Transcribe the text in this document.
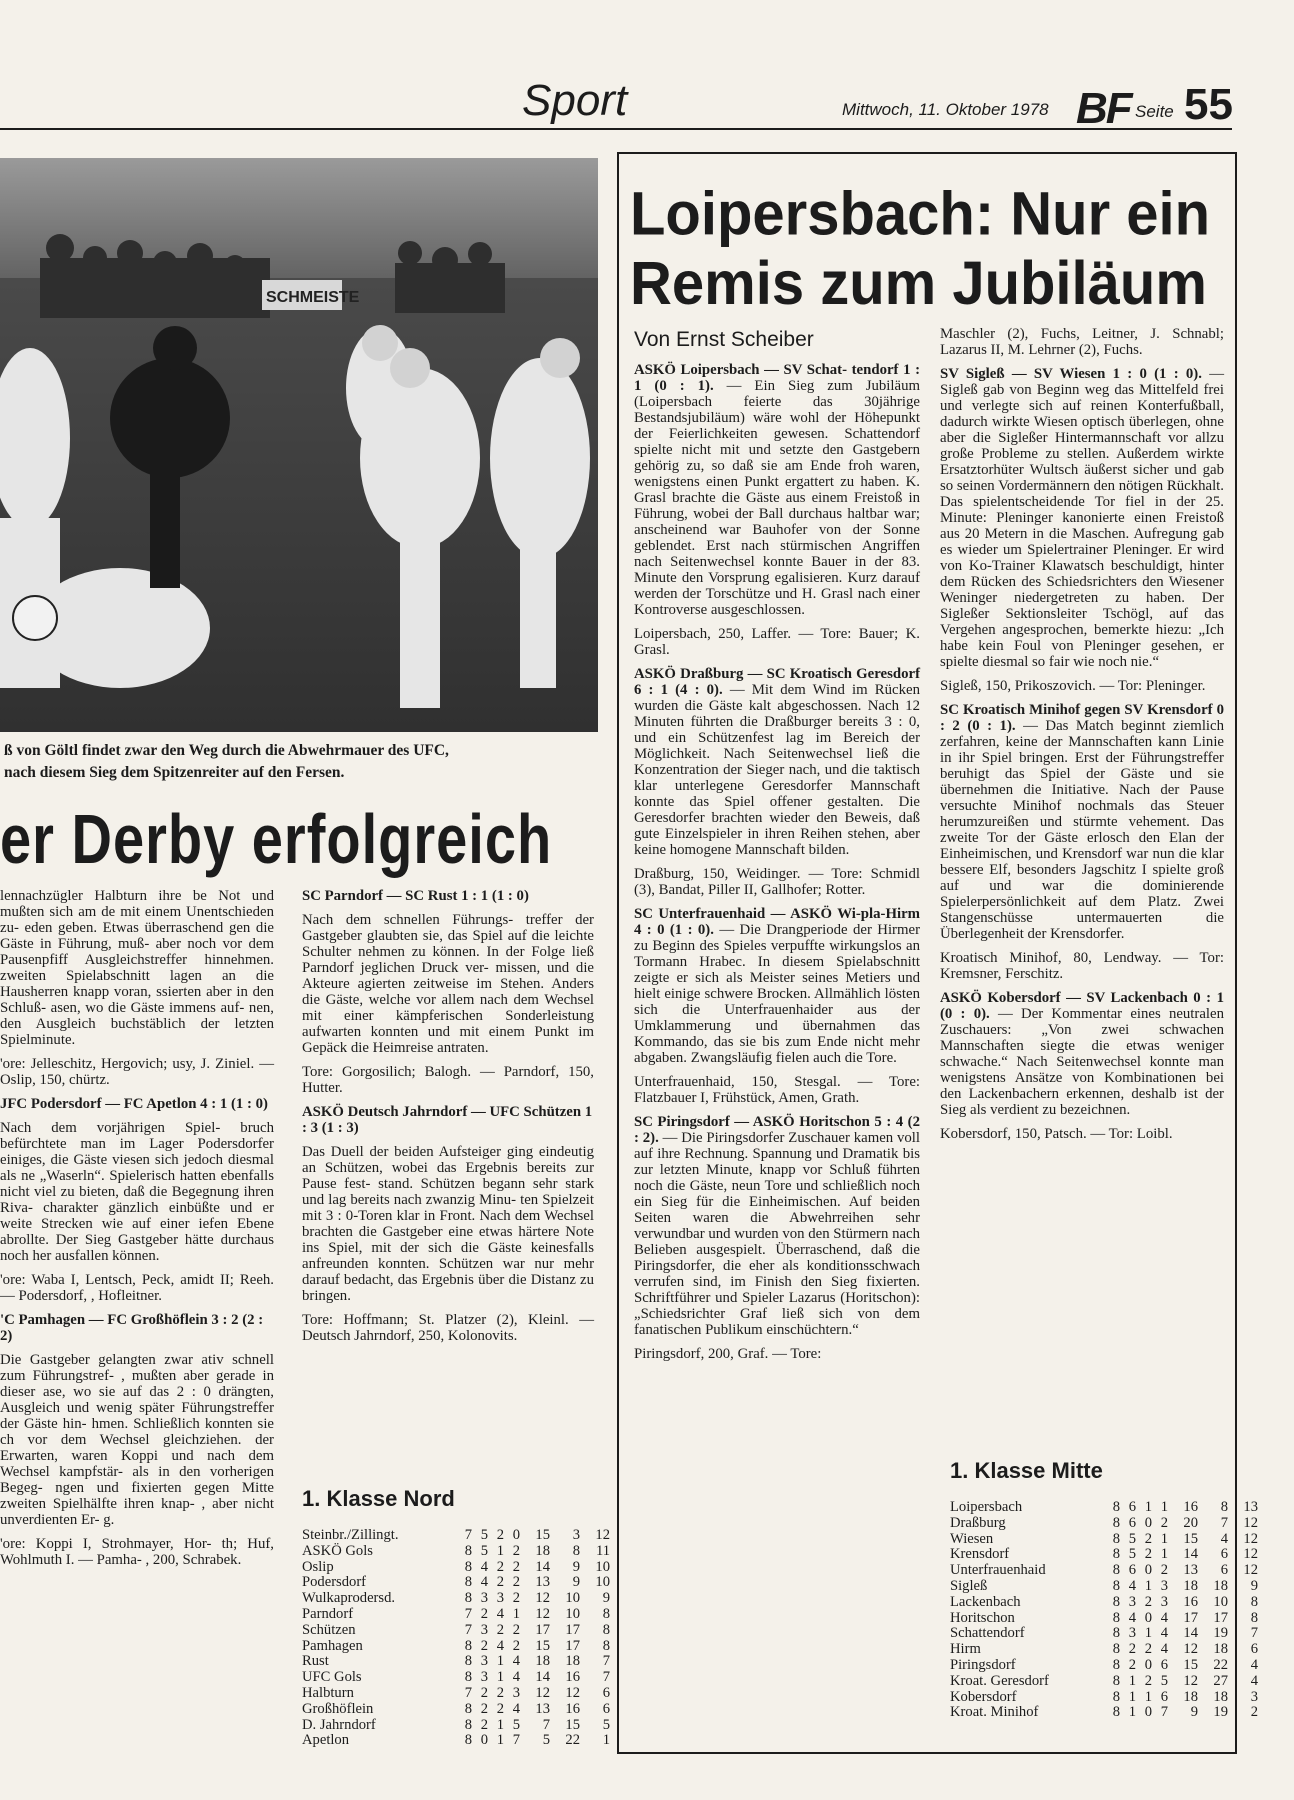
Sport	Mittwoch, 11. Oktober 1978 BF Seite 55
SCHMEISTE
ß von Göltl findet zwar den Weg durch die Abwehrmauer des UFC,
nach diesem Sieg dem Spitzenreiter auf den Fersen.
er Derby erfolgreich

lennachzügler Halbturn ihre be Not und mußten sich am de mit einem Unentschieden zu- eden geben. Etwas überraschend gen die Gäste in Führung, muß- aber noch vor dem Pausenpfiff Ausgleichstreffer hinnehmen. zweiten Spielabschnitt lagen an die Hausherren knapp voran, ssierten aber in den Schluß- asen, wo die Gäste immens auf- nen, den Ausgleich buchstäblich der letzten Spielminute.

'ore: Jelleschitz, Hergovich; usy, J. Ziniel. — Oslip, 150, chürtz.

JFC Podersdorf — FC Apetlon 4 : 1 (1 : 0)

Nach dem vorjährigen Spiel- bruch befürchtete man im Lager Podersdorfer einiges, die Gäste viesen sich jedoch diesmal als ne „Waserln“. Spielerisch hatten ebenfalls nicht viel zu bieten, daß die Begegnung ihren Riva- charakter gänzlich einbüßte und er weite Strecken wie auf einer iefen Ebene abrollte. Der Sieg Gastgeber hätte durchaus noch her ausfallen können.

'ore: Waba I, Lentsch, Peck, amidt II; Reeh. — Podersdorf, , Hofleitner.

'C Pamhagen — FC Großhöflein 3 : 2 (2 : 2)

Die Gastgeber gelangten zwar ativ schnell zum Führungstref- , mußten aber gerade in dieser ase, wo sie auf das 2 : 0 drängten, Ausgleich und wenig später Führungstreffer der Gäste hin- hmen. Schließlich konnten sie ch vor dem Wechsel gleichziehen. der Erwarten, waren Koppi und nach dem Wechsel kampfstär- als in den vorherigen Begeg- ngen und fixierten gegen Mitte zweiten Spielhälfte ihren knap- , aber nicht unverdienten Er- g.

'ore: Koppi I, Strohmayer, Hor- th; Huf, Wohlmuth I. — Pamha- , 200, Schrabek.

SC Parndorf — SC Rust 1 : 1 (1 : 0)

Nach dem schnellen Führungs- treffer der Gastgeber glaubten sie, das Spiel auf die leichte Schulter nehmen zu können. In der Folge ließ Parndorf jeglichen Druck ver- missen, und die Akteure agierten zeitweise im Stehen. Anders die Gäste, welche vor allem nach dem Wechsel mit einer kämpferischen Sonderleistung aufwarten konnten und mit einem Punkt im Gepäck die Heimreise antraten.

Tore: Gorgosilich; Balogh. — Parndorf, 150, Hutter.

ASKÖ Deutsch Jahrndorf — UFC Schützen 1 : 3 (1 : 3)

Das Duell der beiden Aufsteiger ging eindeutig an Schützen, wobei das Ergebnis bereits zur Pause fest- stand. Schützen begann sehr stark und lag bereits nach zwanzig Minu- ten Spielzeit mit 3 : 0-Toren klar in Front. Nach dem Wechsel brachten die Gastgeber eine etwas härtere Note ins Spiel, mit der sich die Gäste keinesfalls anfreunden konnten. Schützen war nur mehr darauf bedacht, das Ergebnis über die Distanz zu bringen.

Tore: Hoffmann; St. Platzer (2), Kleinl. — Deutsch Jahrndorf, 250, Kolonovits.

1. Klasse Nord
Steinbr./Zillingt.	7	5	2	0	15	3	12
ASKÖ Gols	8	5	1	2	18	8	11
Oslip	8	4	2	2	14	9	10
Podersdorf	8	4	2	2	13	9	10
Wulkaprodersd.	8	3	3	2	12	10	9
Parndorf	7	2	4	1	12	10	8
Schützen	7	3	2	2	17	17	8
Pamhagen	8	2	4	2	15	17	8
Rust	8	3	1	4	18	18	7
UFC Gols	8	3	1	4	14	16	7
Halbturn	7	2	2	3	12	12	6
Großhöflein	8	2	2	4	13	16	6
D. Jahrndorf	8	2	1	5	7	15	5
Apetlon	8	0	1	7	5	22	1
Loipersbach: Nur ein
Remis zum Jubiläum
Von Ernst Scheiber

ASKÖ Loipersbach — SV Schat- tendorf 1 : 1 (0 : 1). — Ein Sieg zum Jubiläum (Loipersbach feierte das 30jährige Bestandsjubiläum) wäre wohl der Höhepunkt der Feierlichkeiten gewesen. Schattendorf spielte nicht mit und setzte den Gastgebern gehörig zu, so daß sie am Ende froh waren, wenigstens einen Punkt ergattert zu haben. K. Grasl brachte die Gäste aus einem Freistoß in Führung, wobei der Ball durchaus haltbar war; anscheinend war Bauhofer von der Sonne geblendet. Erst nach stürmischen Angriffen nach Seitenwechsel konnte Bauer in der 83. Minute den Vorsprung egalisieren. Kurz darauf werden der Torschütze und H. Grasl nach einer Kontroverse ausgeschlossen.

Loipersbach, 250, Laffer. — Tore: Bauer; K. Grasl.

ASKÖ Draßburg — SC Kroatisch Geresdorf 6 : 1 (4 : 0). — Mit dem Wind im Rücken wurden die Gäste kalt abgeschossen. Nach 12 Minuten führten die Draßburger bereits 3 : 0, und ein Schützenfest lag im Bereich der Möglichkeit. Nach Seitenwechsel ließ die Konzentration der Sieger nach, und die taktisch klar unterlegene Geresdorfer Mannschaft konnte das Spiel offener gestalten. Die Geresdorfer brachten wieder den Beweis, daß gute Einzelspieler in ihren Reihen stehen, aber keine homogene Mannschaft bilden.

Draßburg, 150, Weidinger. — Tore: Schmidl (3), Bandat, Piller II, Gallhofer; Rotter.

SC Unterfrauenhaid — ASKÖ Wi-pla-Hirm 4 : 0 (1 : 0). — Die Drangperiode der Hirmer zu Beginn des Spieles verpuffte wirkungslos an Tormann Hrabec. In diesem Spielabschnitt zeigte er sich als Meister seines Metiers und hielt einige schwere Brocken. Allmählich lösten sich die Unterfrauenhaider aus der Umklammerung und übernahmen das Kommando, das sie bis zum Ende nicht mehr abgaben. Zwangsläufig fielen auch die Tore.

Unterfrauenhaid, 150, Stesgal. — Tore: Flatzbauer I, Frühstück, Amen, Grath.

SC Piringsdorf — ASKÖ Horitschon 5 : 4 (2 : 2). — Die Piringsdorfer Zuschauer kamen voll auf ihre Rechnung. Spannung und Dramatik bis zur letzten Minute, knapp vor Schluß führten noch die Gäste, neun Tore und schließlich noch ein Sieg für die Einheimischen. Auf beiden Seiten waren die Abwehrreihen sehr verwundbar und wurden von den Stürmern nach Belieben ausgespielt. Überraschend, daß die Piringsdorfer, die eher als konditionsschwach verrufen sind, im Finish den Sieg fixierten. Schriftführer und Spieler Lazarus (Horitschon): „Schiedsrichter Graf ließ sich von dem fanatischen Publikum einschüchtern.“

Piringsdorf, 200, Graf. — Tore:

Maschler (2), Fuchs, Leitner, J. Schnabl; Lazarus II, M. Lehrner (2), Fuchs.

SV Sigleß — SV Wiesen 1 : 0 (1 : 0). — Sigleß gab von Beginn weg das Mittelfeld frei und verlegte sich auf reinen Konterfußball, dadurch wirkte Wiesen optisch überlegen, ohne aber die Sigleßer Hintermannschaft vor allzu große Probleme zu stellen. Außerdem wirkte Ersatztorhüter Wultsch äußerst sicher und gab so seinen Vordermännern den nötigen Rückhalt. Das spielentscheidende Tor fiel in der 25. Minute: Pleninger kanonierte einen Freistoß aus 20 Metern in die Maschen. Aufregung gab es wieder um Spielertrainer Pleninger. Er wird von Ko-Trainer Klawatsch beschuldigt, hinter dem Rücken des Schiedsrichters den Wiesener Weninger niedergetreten zu haben. Der Sigleßer Sektionsleiter Tschögl, auf das Vergehen angesprochen, bemerkte hiezu: „Ich habe kein Foul von Pleninger gesehen, er spielte diesmal so fair wie noch nie.“

Sigleß, 150, Prikoszovich. — Tor: Pleninger.

SC Kroatisch Minihof gegen SV Krensdorf 0 : 2 (0 : 1). — Das Match beginnt ziemlich zerfahren, keine der Mannschaften kann Linie in ihr Spiel bringen. Erst der Führungstreffer beruhigt das Spiel der Gäste und sie übernehmen die Initiative. Nach der Pause versuchte Minihof nochmals das Steuer herumzureißen und stürmte vehement. Das zweite Tor der Gäste erlosch den Elan der Einheimischen, und Krensdorf war nun die klar bessere Elf, besonders Jagschitz I spielte groß auf und war die dominierende Spielerpersönlichkeit auf dem Platz. Zwei Stangenschüsse untermauerten die Überlegenheit der Krensdorfer.

Kroatisch Minihof, 80, Lendway. — Tor: Kremsner, Ferschitz.

ASKÖ Kobersdorf — SV Lackenbach 0 : 1 (0 : 0). — Der Kommentar eines neutralen Zuschauers: „Von zwei schwachen Mannschaften siegte die etwas weniger schwache.“ Nach Seitenwechsel konnte man wenigstens Ansätze von Kombinationen bei den Lackenbachern erkennen, deshalb ist der Sieg als verdient zu bezeichnen.

Kobersdorf, 150, Patsch. — Tor: Loibl.

1. Klasse Mitte
Loipersbach	8	6	1	1	16	8	13
Draßburg	8	6	0	2	20	7	12
Wiesen	8	5	2	1	15	4	12
Krensdorf	8	5	2	1	14	6	12
Unterfrauenhaid	8	6	0	2	13	6	12
Sigleß	8	4	1	3	18	18	9
Lackenbach	8	3	2	3	16	10	8
Horitschon	8	4	0	4	17	17	8
Schattendorf	8	3	1	4	14	19	7
Hirm	8	2	2	4	12	18	6
Piringsdorf	8	2	0	6	15	22	4
Kroat. Geresdorf	8	1	2	5	12	27	4
Kobersdorf	8	1	1	6	18	18	3
Kroat. Minihof	8	1	0	7	9	19	2
